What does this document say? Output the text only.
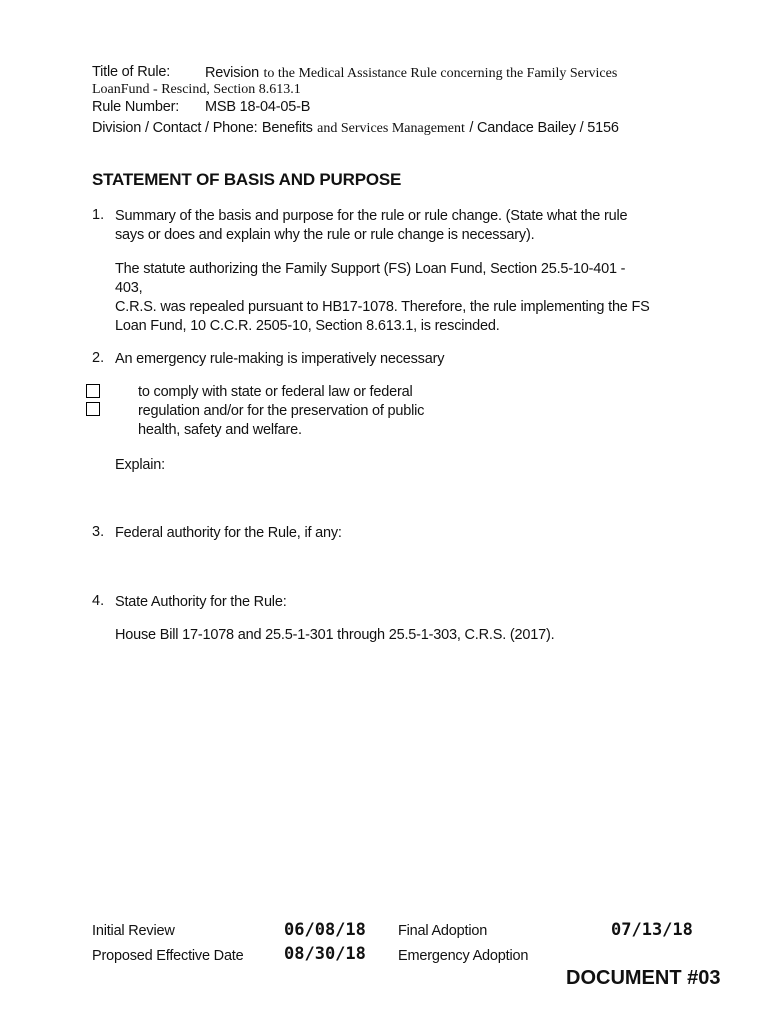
Title of Rule: Revision to the Medical Assistance Rule concerning the Family Services
LoanFund - Rescind, Section 8.613.1
Rule Number: MSB 18-04-05-B
Division / Contact / Phone: Benefits and Services Management / Candace Bailey / 5156
STATEMENT OF BASIS AND PURPOSE
1. Summary of the basis and purpose for the rule or rule change. (State what the rule
says or does and explain why the rule or rule change is necessary).
The statute authorizing the Family Support (FS) Loan Fund, Section 25.5-10-401 -
403,
C.R.S. was repealed pursuant to HB17-1078. Therefore, the rule implementing the FS
Loan Fund, 10 C.C.R. 2505-10, Section 8.613.1, is rescinded.
2. An emergency rule-making is imperatively necessary
to comply with state or federal law or federal
regulation and/or for the preservation of public
health, safety and welfare.
Explain:
3. Federal authority for the Rule, if any:
4. State Authority for the Rule:
House Bill 17-1078 and 25.5-1-301 through 25.5-1-303, C.R.S. (2017).
Initial Review	06/08/18 Final Adoption	07/13/18
Proposed Effective Date 08/30/18 Emergency Adoption
DOCUMENT #03
